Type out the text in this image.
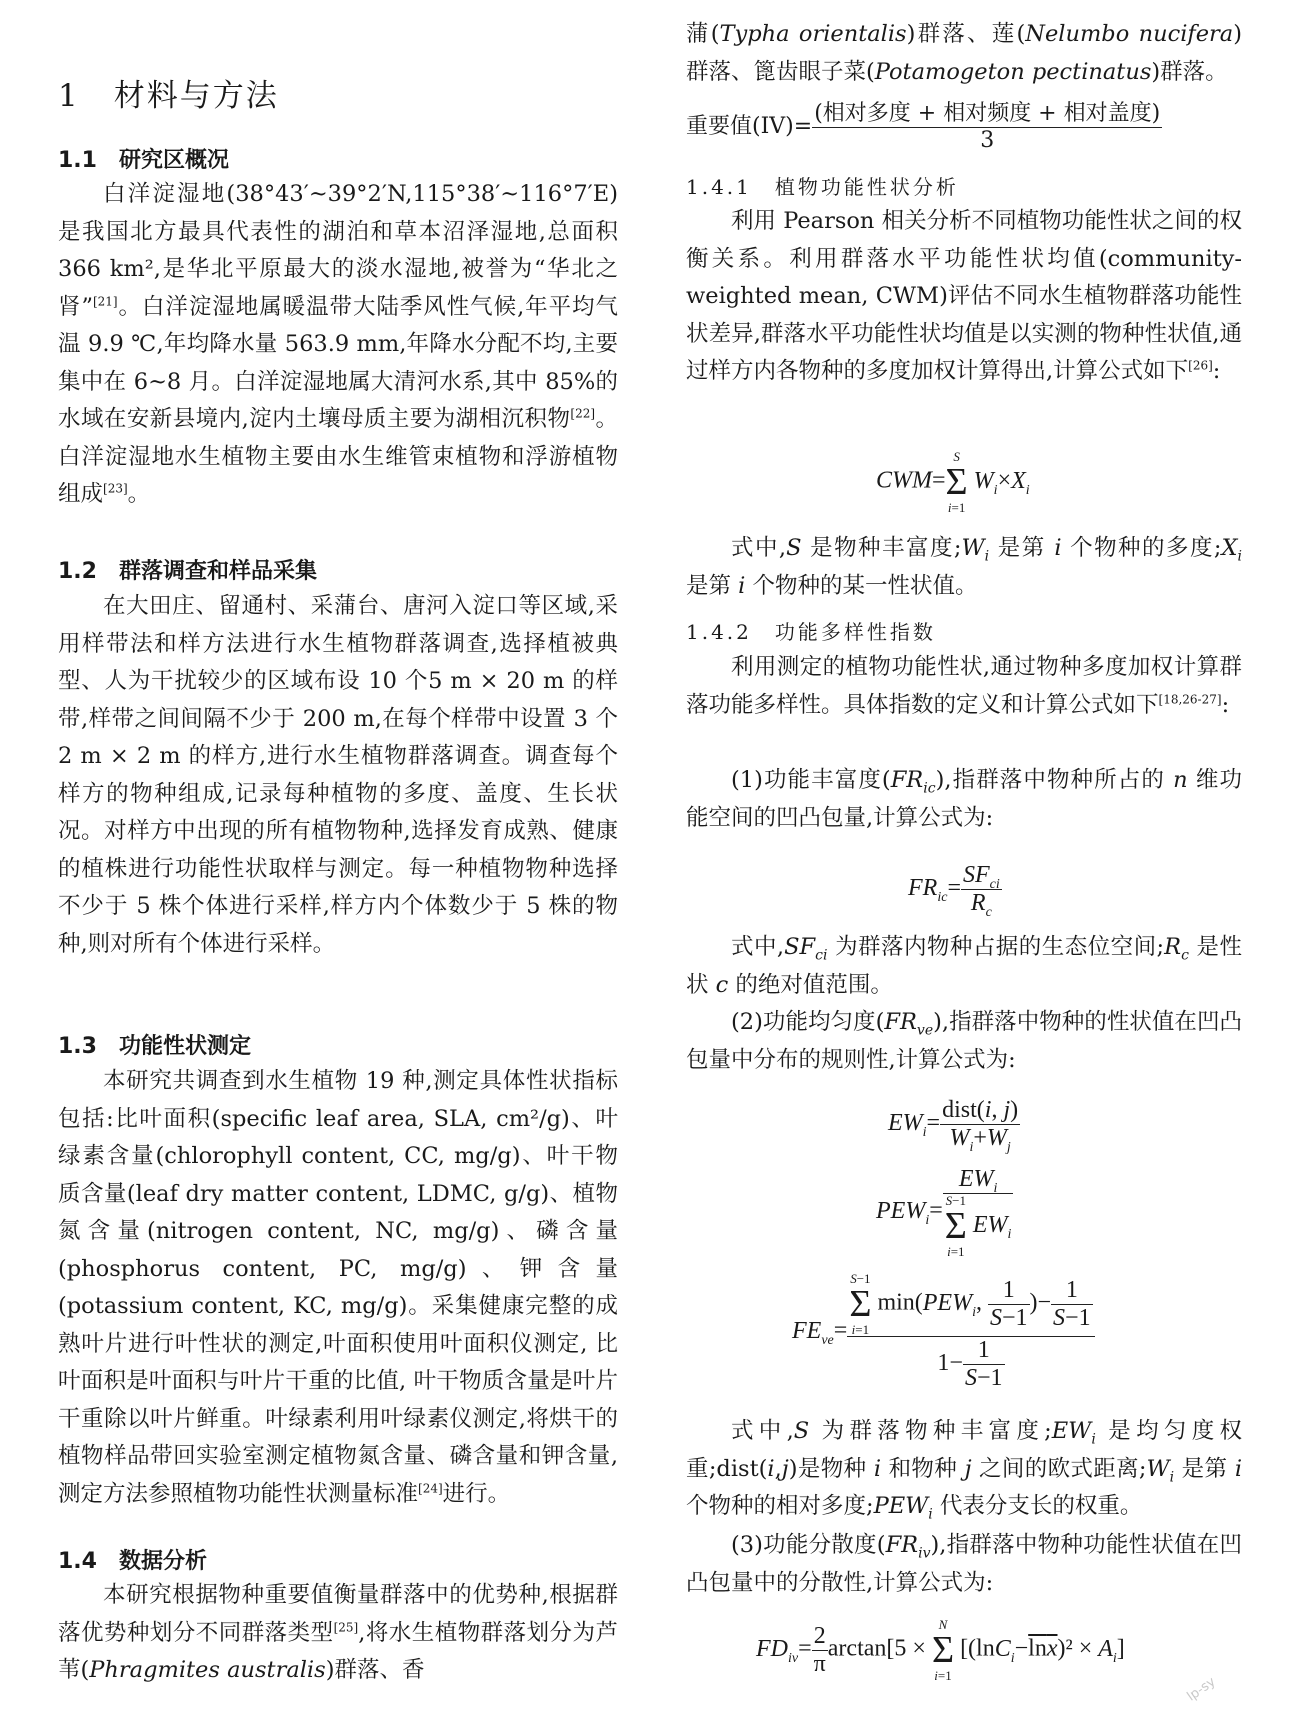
1 材料与方法
1.1　研究区概况
白洋淀湿地(38°43′~39°2′N,115°38′~116°7′E)是我国北方最具代表性的湖泊和草本沼泽湿地,总面积 366 km²,是华北平原最大的淡水湿地,被誉为“华北之肾”[21]。白洋淀湿地属暖温带大陆季风性气候,年平均气温 9.9 ℃,年均降水量 563.9 mm,年降水分配不均,主要集中在 6~8 月。白洋淀湿地属大清河水系,其中 85%的水域在安新县境内,淀内土壤母质主要为湖相沉积物[22]。白洋淀湿地水生植物主要由水生维管束植物和浮游植物组成[23]。
1.2　群落调查和样品采集
在大田庄、留通村、采蒲台、唐河入淀口等区域,采用样带法和样方法进行水生植物群落调查,选择植被典型、人为干扰较少的区域布设 10 个5 m × 20 m 的样带,样带之间间隔不少于 200 m,在每个样带中设置 3 个 2 m × 2 m 的样方,进行水生植物群落调查。调查每个样方的物种组成,记录每种植物的多度、盖度、生长状况。对样方中出现的所有植物物种,选择发育成熟、健康的植株进行功能性状取样与测定。每一种植物物种选择不少于 5 株个体进行采样,样方内个体数少于 5 株的物种,则对所有个体进行采样。
1.3　功能性状测定
本研究共调查到水生植物 19 种,测定具体性状指标包括:比叶面积(specific leaf area, SLA, cm²/g)、叶绿素含量(chlorophyll content, CC, mg/g)、叶干物质含量(leaf dry matter content, LDMC, g/g)、植物氮含量(nitrogen content, NC, mg/g)、磷含量(phosphorus content, PC, mg/g)、钾含量(potassium content, KC, mg/g)。采集健康完整的成熟叶片进行叶性状的测定,叶面积使用叶面积仪测定, 比叶面积是叶面积与叶片干重的比值, 叶干物质含量是叶片干重除以叶片鲜重。叶绿素利用叶绿素仪测定,将烘干的植物样品带回实验室测定植物氮含量、磷含量和钾含量,测定方法参照植物功能性状测量标准[24]进行。
1.4　数据分析
本研究根据物种重要值衡量群落中的优势种,根据群落优势种划分不同群落类型[25],将水生植物群落划分为芦苇(Phragmites australis)群落、香
蒲(Typha orientalis)群落、莲(Nelumbo nucifera)群落、篦齿眼子菜(Potamogeton pectinatus)群落。
重要值$(IV)= \frac{\text{(相对多度 + 相对频度 + 相对盖度)}}{3}$
1.4.1　植物功能性状分析
利用 Pearson 相关分析不同植物功能性状之间的权衡关系。利用群落水平功能性状均值(community-weighted mean, CWM)评估不同水生植物群落功能性状差异,群落水平功能性状均值是以实测的物种性状值,通过样方内各物种的多度加权计算得出,计算公式如下[26]:
CWM=
S
Σ
i=1
$W_i\times X_i$
式中,S 是物种丰富度$;W_i$ 是第 i 个物种的多度$;X_i$ 是第 i 个物种的某一性状值。
1.4.2　功能多样性指数
利用测定的植物功能性状,通过物种多度加权计算群落功能多样性。具体指数的定义和计算公式如下[18,26-27]:
(1)功能丰富度$(FR_{ic})$,指群落中物种所占的 n 维功能空间的凹凸包量,计算公式为:
$FR_{ic}= \frac{SF_{ci}}{R_c}$
式中$,SF_{ci}$ 为群落内物种占据的生态位空间$;R_c$ 是性状 c 的绝对值范围。
(2)功能均匀度$(FR_{ve})$,指群落中物种的性状值在凹凸包量中分布的规则性,计算公式为:
$EW_i= \frac{\text{dist(i, j)}}{W_i+W_j}$
$PEW_i= EW_i$
S−1
Σ
i=1
$EW_i$
$FE_{ve}= S-1$
Σ
i=1
$\min(PEW_i$, $\frac{1}{S-1}$ )− $\frac{1}{S-1}$
$1- \frac{1}{S-1}$
式中,S 为群落物种丰富度$;EW_i$ 是均匀度权重;dist(i,j)是物种 i 和物种 j 之间的欧式距离$;W_i$ 是第 i 个物种的相对多度$;PEW_i$ 代表分支长的权重。
(3)功能分散度$(FR_{iv})$,指群落中物种功能性状值在凹凸包量中的分散性,计算公式为:
$FD_{iv}= \frac{2}{\pi} \arctan[5$ ×
N
Σ
i=1
$[(\ln C_i-\ln x)^2 \times A_i]$
lp-sy
